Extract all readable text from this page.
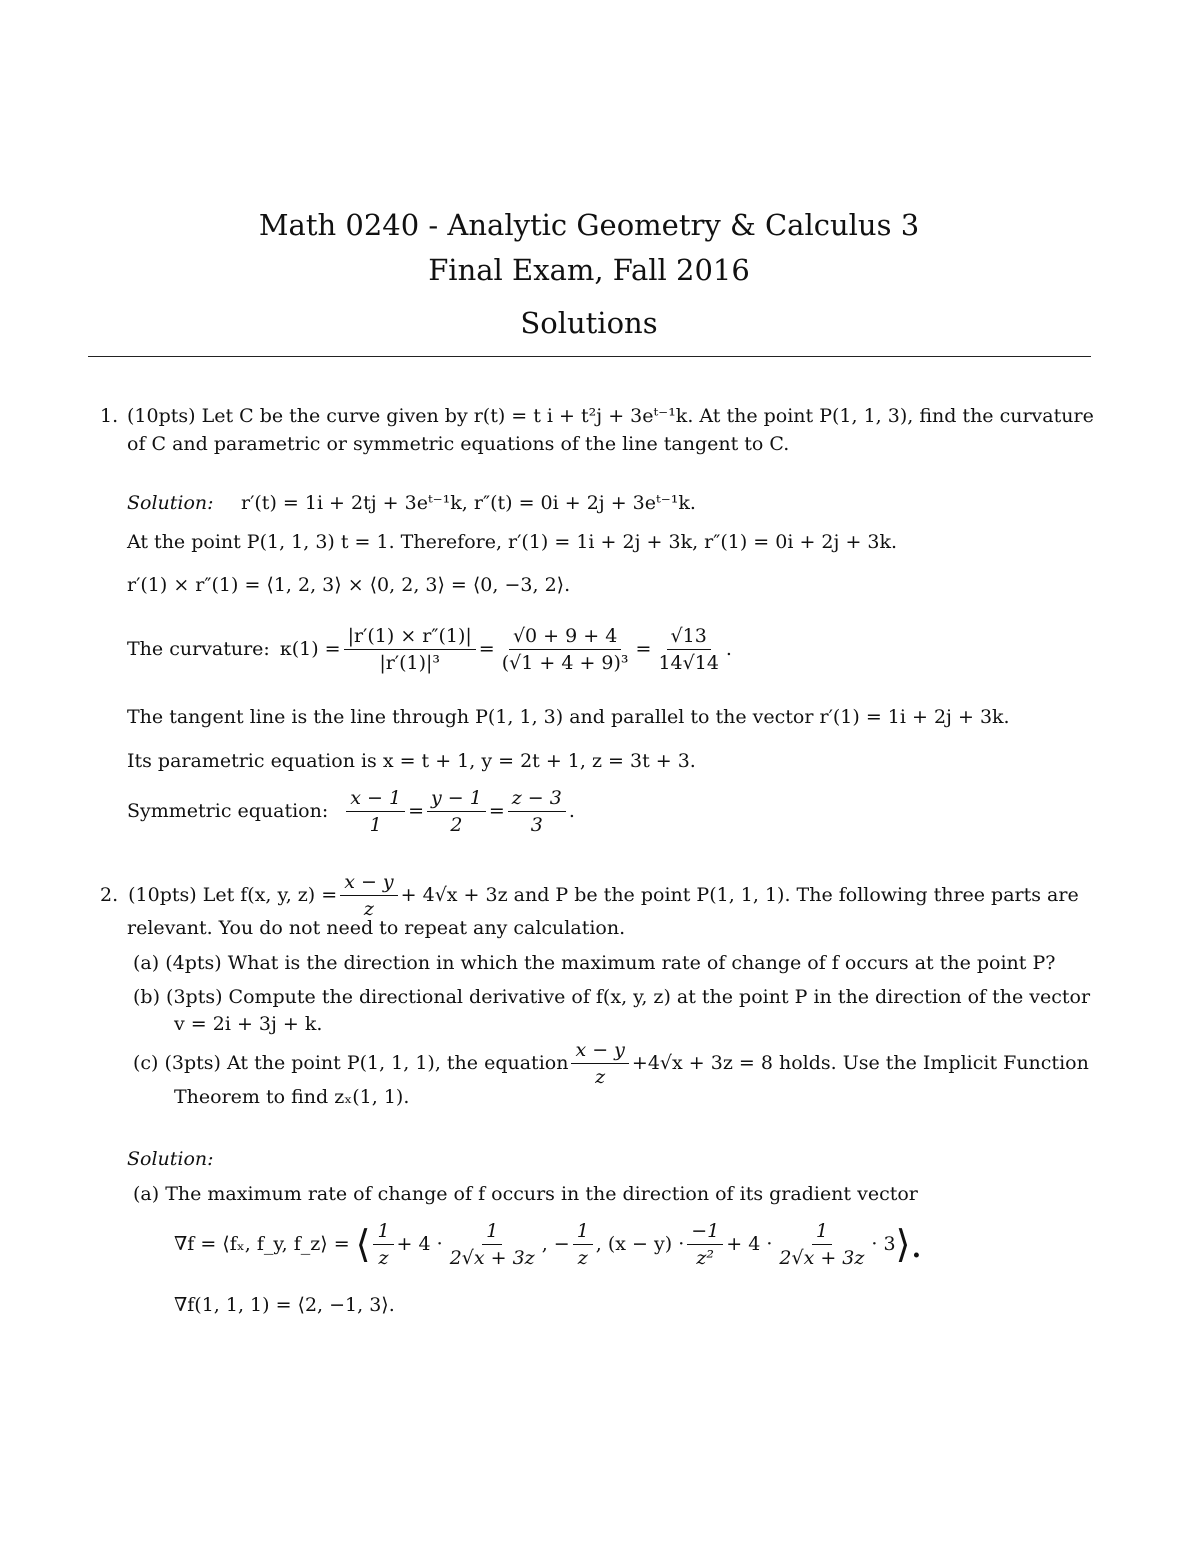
Math 0240 - Analytic Geometry & Calculus 3
Final Exam, Fall 2016
Solutions
1. (10pts) Let C be the curve given by r(t) = t i + t²j + 3eᵗ⁻¹k. At the point P(1, 1, 3), find the curvature
of C and parametric or symmetric equations of the line tangent to C.
Solution: r′(t) = 1i + 2tj + 3eᵗ⁻¹k, r″(t) = 0i + 2j + 3eᵗ⁻¹k.
At the point P(1, 1, 3) t = 1. Therefore, r′(1) = 1i + 2j + 3k, r″(1) = 0i + 2j + 3k.
r′(1) × r″(1) = ⟨1, 2, 3⟩ × ⟨0, 2, 3⟩ = ⟨0, −3, 2⟩.
The curvature: $\kappa(1) = \frac{|r'(1) \times r''(1)|}{\text{|r′(1)|³}} = \frac{√0 + 9 + 4}{\text{(√1 + 4 + 9)³}} = \frac{√13}{14√14}$ .
The tangent line is the line through P(1, 1, 3) and parallel to the vector r′(1) = 1i + 2j + 3k.
Its parametric equation is x = t + 1, y = 2t + 1, z = 3t + 3.
Symmetric equation: $\frac{x - 1}{1} = \frac{y - 1}{2} = \frac{z - 3}{3}$ .
2. (10pts) Let f(x, y, $z) = \frac{x - y}{z} + 4√x + 3z$ and P be the point P(1, 1, 1). The following three parts are
relevant. You do not need to repeat any calculation.
(a) (4pts) What is the direction in which the maximum rate of change of f occurs at the point P?
(b) (3pts) Compute the directional derivative of f(x, y, z) at the point P in the direction of the vector
v = 2i + 3j + k.
(c) (3pts) At the point P(1, 1, 1), the equation $\frac{x - y}{z} +4√x + 3z = 8$ holds. Use the Implicit Function
Theorem to find zₓ(1, 1).
Solution:
(a) The maximum rate of change of f occurs in the direction of its gradient vector
∇f = ⟨fₓ, f_y, f_z⟩ = ⟨ $\frac{1}{z} + 4 \cdot \frac{1}{2√x + 3z}$ , − $\frac{1}{z}$ , $(x - y) \cdot \frac{-1}{\text{z²}} + 4 \cdot \frac{1}{2√x + 3z} \cdot 3$ ⟩.
∇f(1, 1, 1) = ⟨2, −1, 3⟩.
